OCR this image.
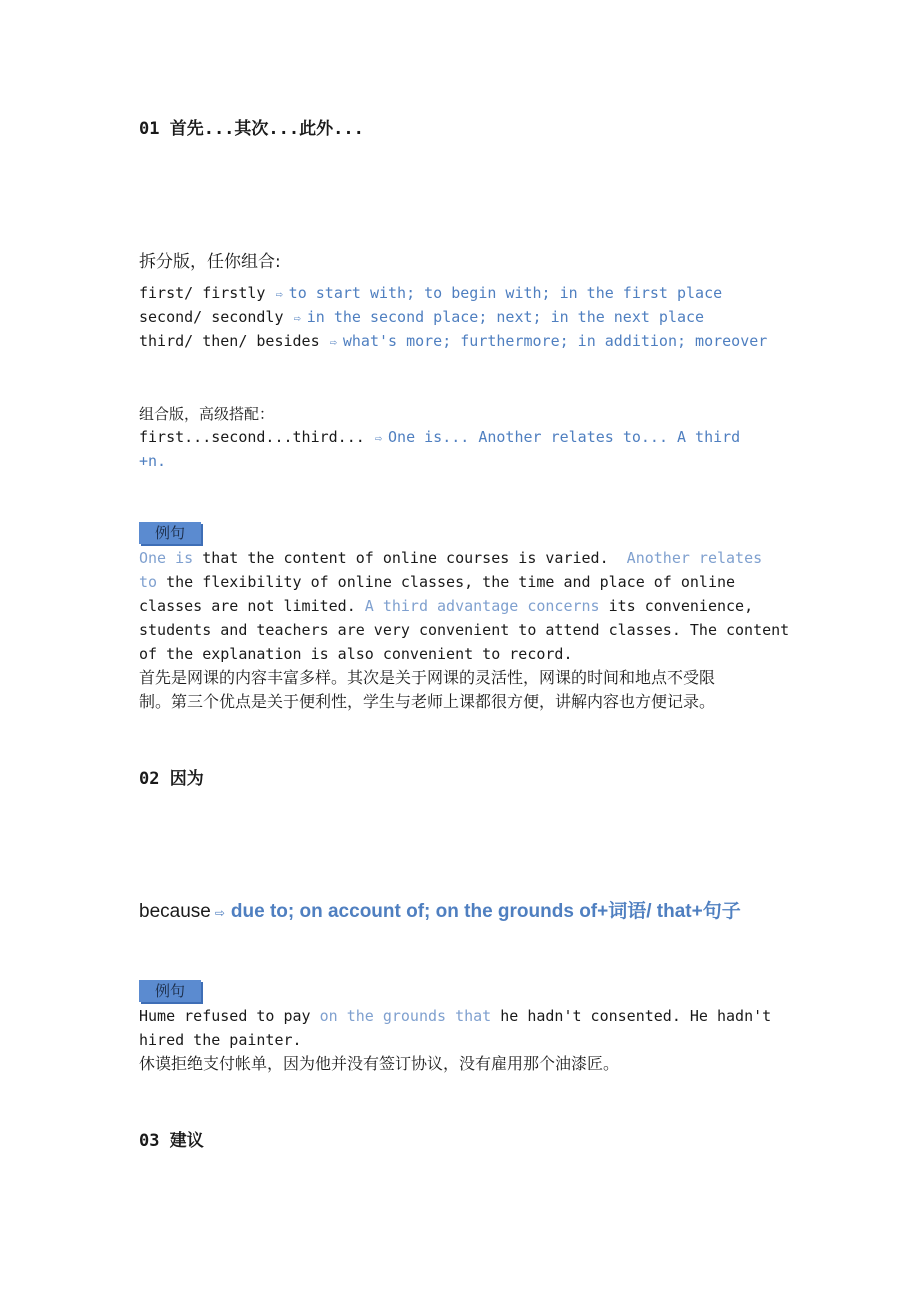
01 首先...其次...此外...
拆分版，任你组合:
first/ firstly ⇨ to start with; to begin with; in the first place
second/ secondly ⇨ in the second place; next; in the next place
third/ then/ besides ⇨ what's more; furthermore; in addition; moreover
组合版，高级搭配：
first...second...third... ⇨ One is... Another relates to... A third
+n.
例句
One is that the content of online courses is varied.  Another relates
to the flexibility of online classes, the time and place of online
classes are not limited. A third advantage concerns its convenience,
students and teachers are very convenient to attend classes. The content
of the explanation is also convenient to record.
首先是网课的内容丰富多样。其次是关于网课的灵活性，网课的时间和地点不受限
制。第三个优点是关于便利性，学生与老师上课都很方便，讲解内容也方便记录。
02 因为
because ⇨ due to; on account of; on the grounds of+词语/ that+句子
例句
Hume refused to pay on the grounds that he hadn't consented. He hadn't
hired the painter.
休谟拒绝支付帐单，因为他并没有签订协议，没有雇用那个油漆匠。
03 建议
